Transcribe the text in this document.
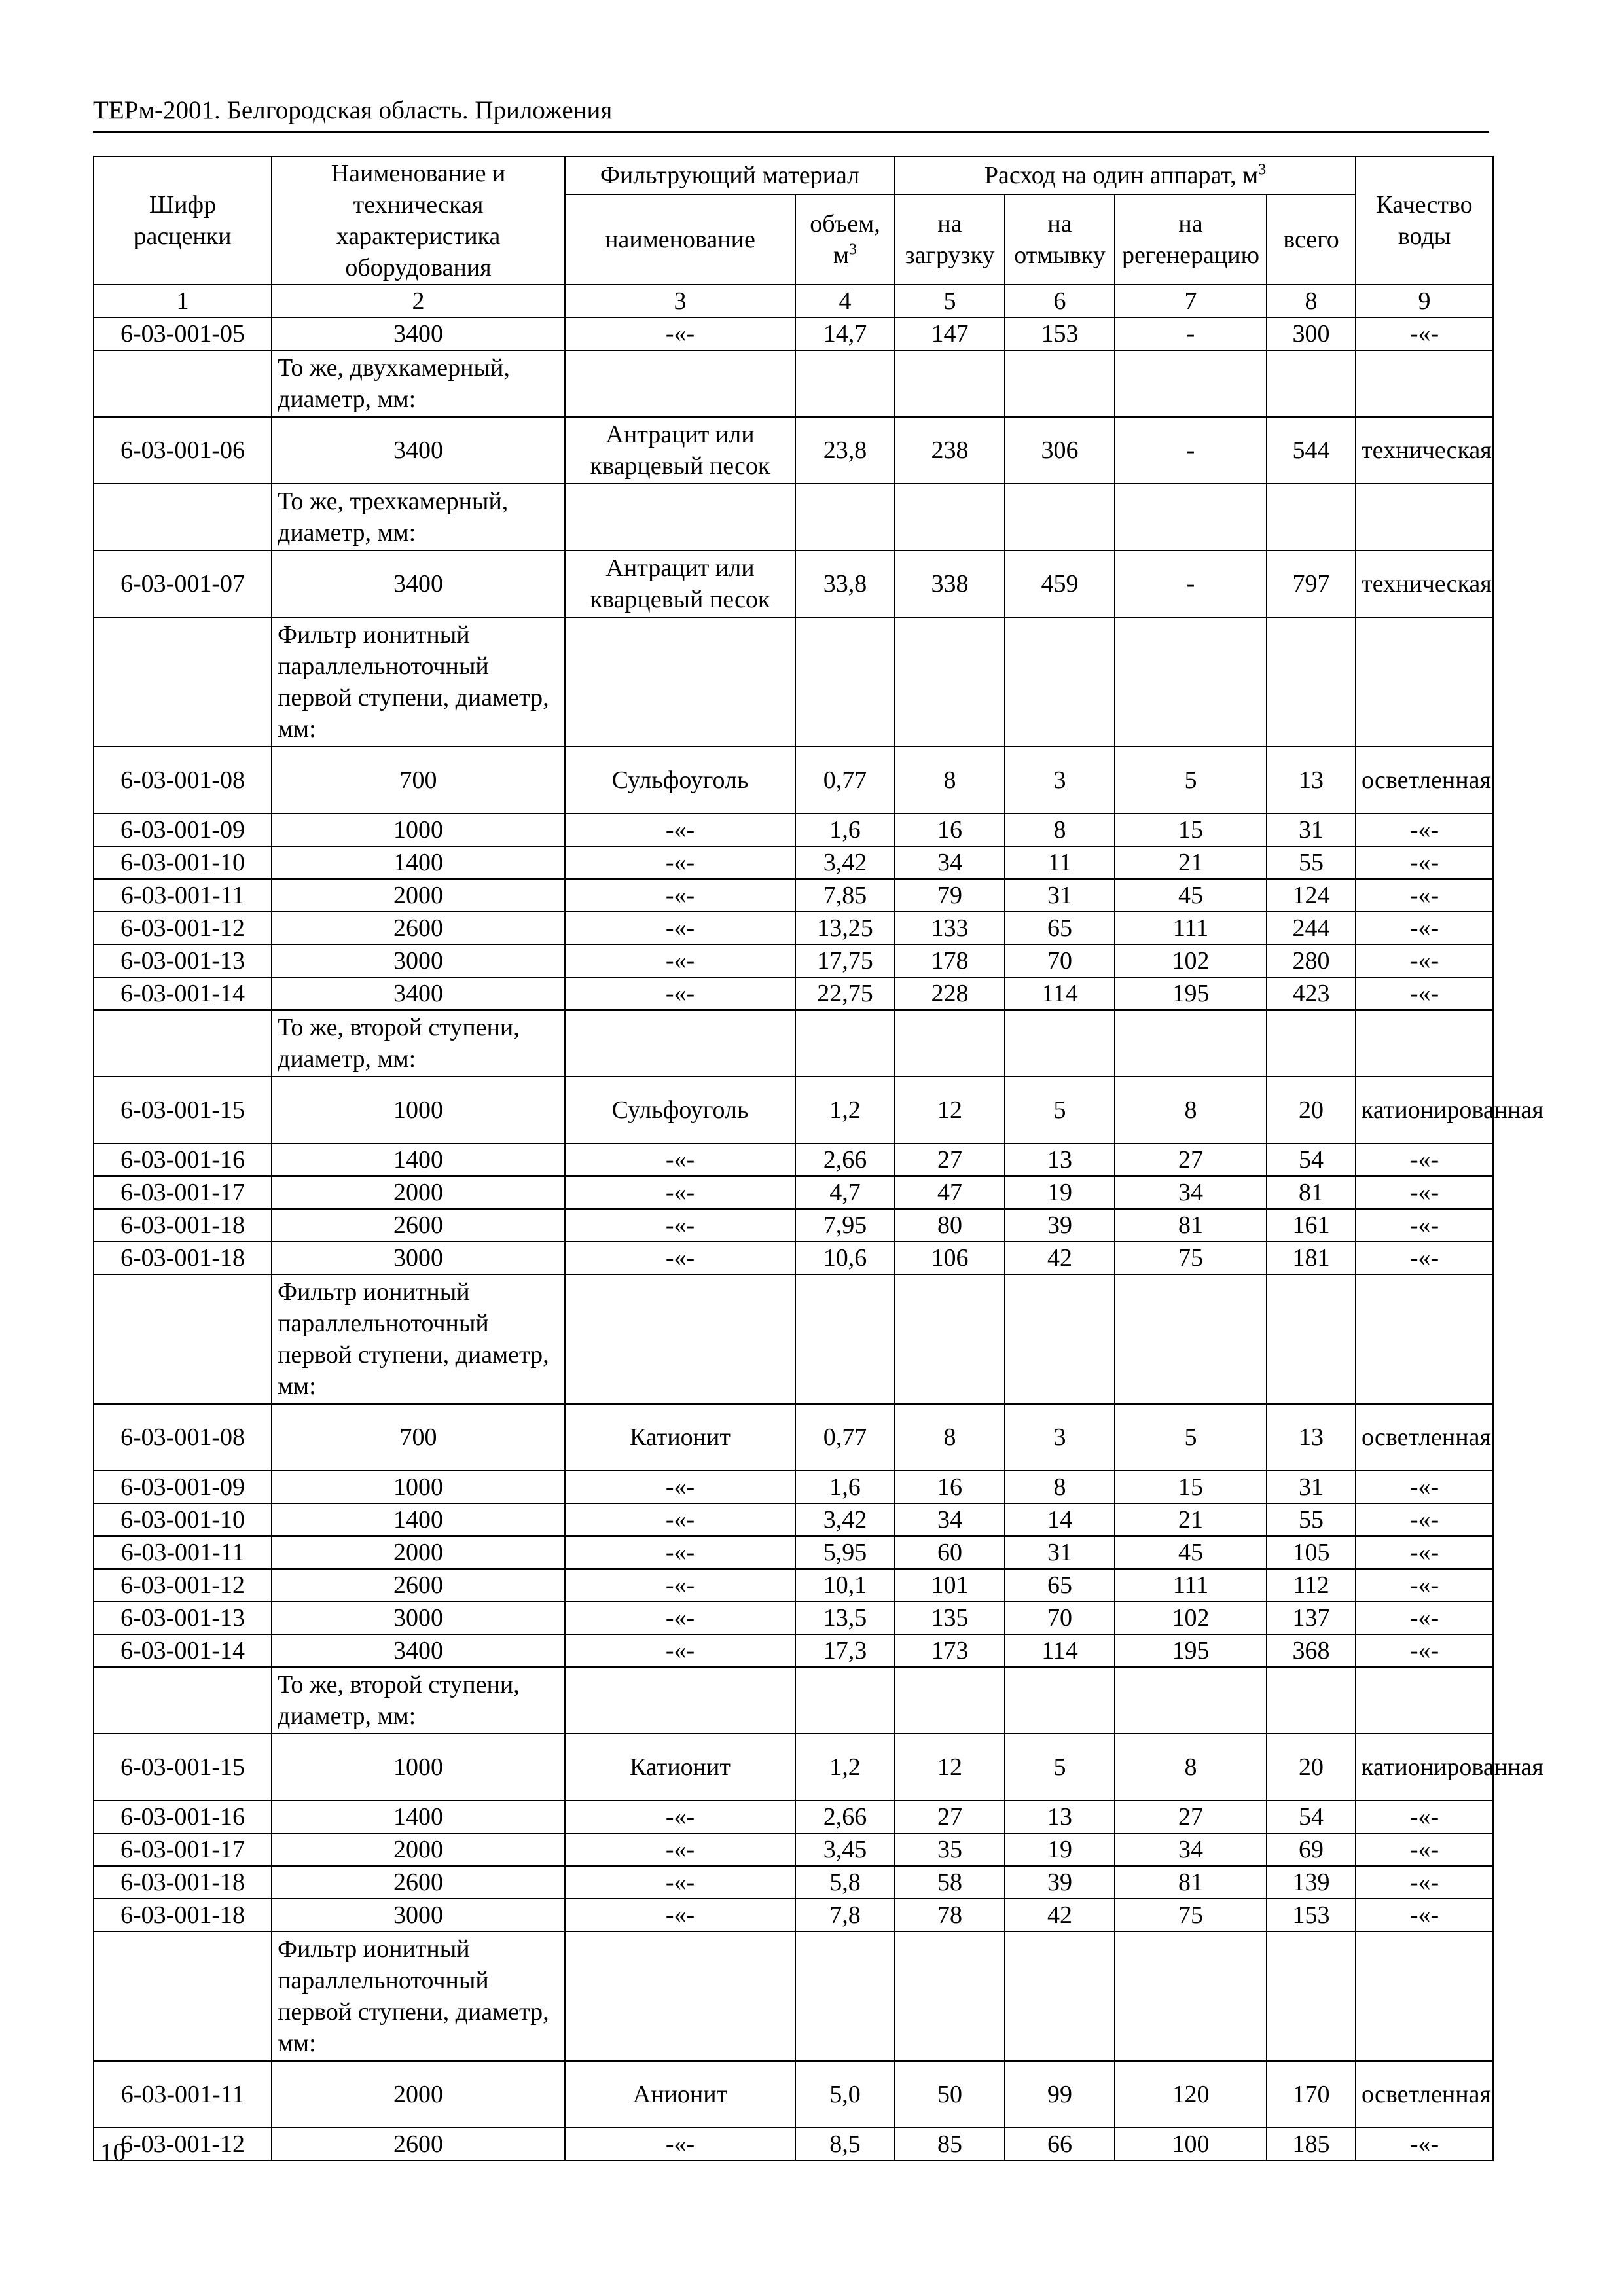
ТЕРм-2001. Белгородская область. Приложения
Шифр расценки	Наименование и техническая характеристика оборудования	Фильтрующий материал		Расход на один аппарат, $м^3$				Качество воды
		наименование	объем, $м^3$	на загрузку	на отмывку	на регенерацию	всего	
1	2	3	4	5	6	7	8	9
6-03-001-05	3400	-«-	14,7	147	153	-	300	-«-
	То же, двухкамерный, диаметр, мм:							
6-03-001-06	3400	Антрацит или кварцевый песок	23,8	238	306	-	544	техническая
	То же, трехкамерный, диаметр, мм:							
6-03-001-07	3400	Антрацит или кварцевый песок	33,8	338	459	-	797	техническая
	Фильтр ионитный параллельноточный первой ступени, диаметр, мм:							
6-03-001-08	700	Сульфоуголь	0,77	8	3	5	13	осветленная
6-03-001-09	1000	-«-	1,6	16	8	15	31	-«-
6-03-001-10	1400	-«-	3,42	34	11	21	55	-«-
6-03-001-11	2000	-«-	7,85	79	31	45	124	-«-
6-03-001-12	2600	-«-	13,25	133	65	111	244	-«-
6-03-001-13	3000	-«-	17,75	178	70	102	280	-«-
6-03-001-14	3400	-«-	22,75	228	114	195	423	-«-
	То же, второй ступени, диаметр, мм:							
6-03-001-15	1000	Сульфоуголь	1,2	12	5	8	20	катионированная
6-03-001-16	1400	-«-	2,66	27	13	27	54	-«-
6-03-001-17	2000	-«-	4,7	47	19	34	81	-«-
6-03-001-18	2600	-«-	7,95	80	39	81	161	-«-
6-03-001-18	3000	-«-	10,6	106	42	75	181	-«-
	Фильтр ионитный параллельноточный первой ступени, диаметр, мм:							
6-03-001-08	700	Катионит	0,77	8	3	5	13	осветленная
6-03-001-09	1000	-«-	1,6	16	8	15	31	-«-
6-03-001-10	1400	-«-	3,42	34	14	21	55	-«-
6-03-001-11	2000	-«-	5,95	60	31	45	105	-«-
6-03-001-12	2600	-«-	10,1	101	65	111	112	-«-
6-03-001-13	3000	-«-	13,5	135	70	102	137	-«-
6-03-001-14	3400	-«-	17,3	173	114	195	368	-«-
	То же, второй ступени, диаметр, мм:							
6-03-001-15	1000	Катионит	1,2	12	5	8	20	катионированная
6-03-001-16	1400	-«-	2,66	27	13	27	54	-«-
6-03-001-17	2000	-«-	3,45	35	19	34	69	-«-
6-03-001-18	2600	-«-	5,8	58	39	81	139	-«-
6-03-001-18	3000	-«-	7,8	78	42	75	153	-«-
	Фильтр ионитный параллельноточный первой ступени, диаметр, мм:							
6-03-001-11	2000	Анионит	5,0	50	99	120	170	осветленная
6-03-001-12	2600	-«-	8,5	85	66	100	185	-«-
10
